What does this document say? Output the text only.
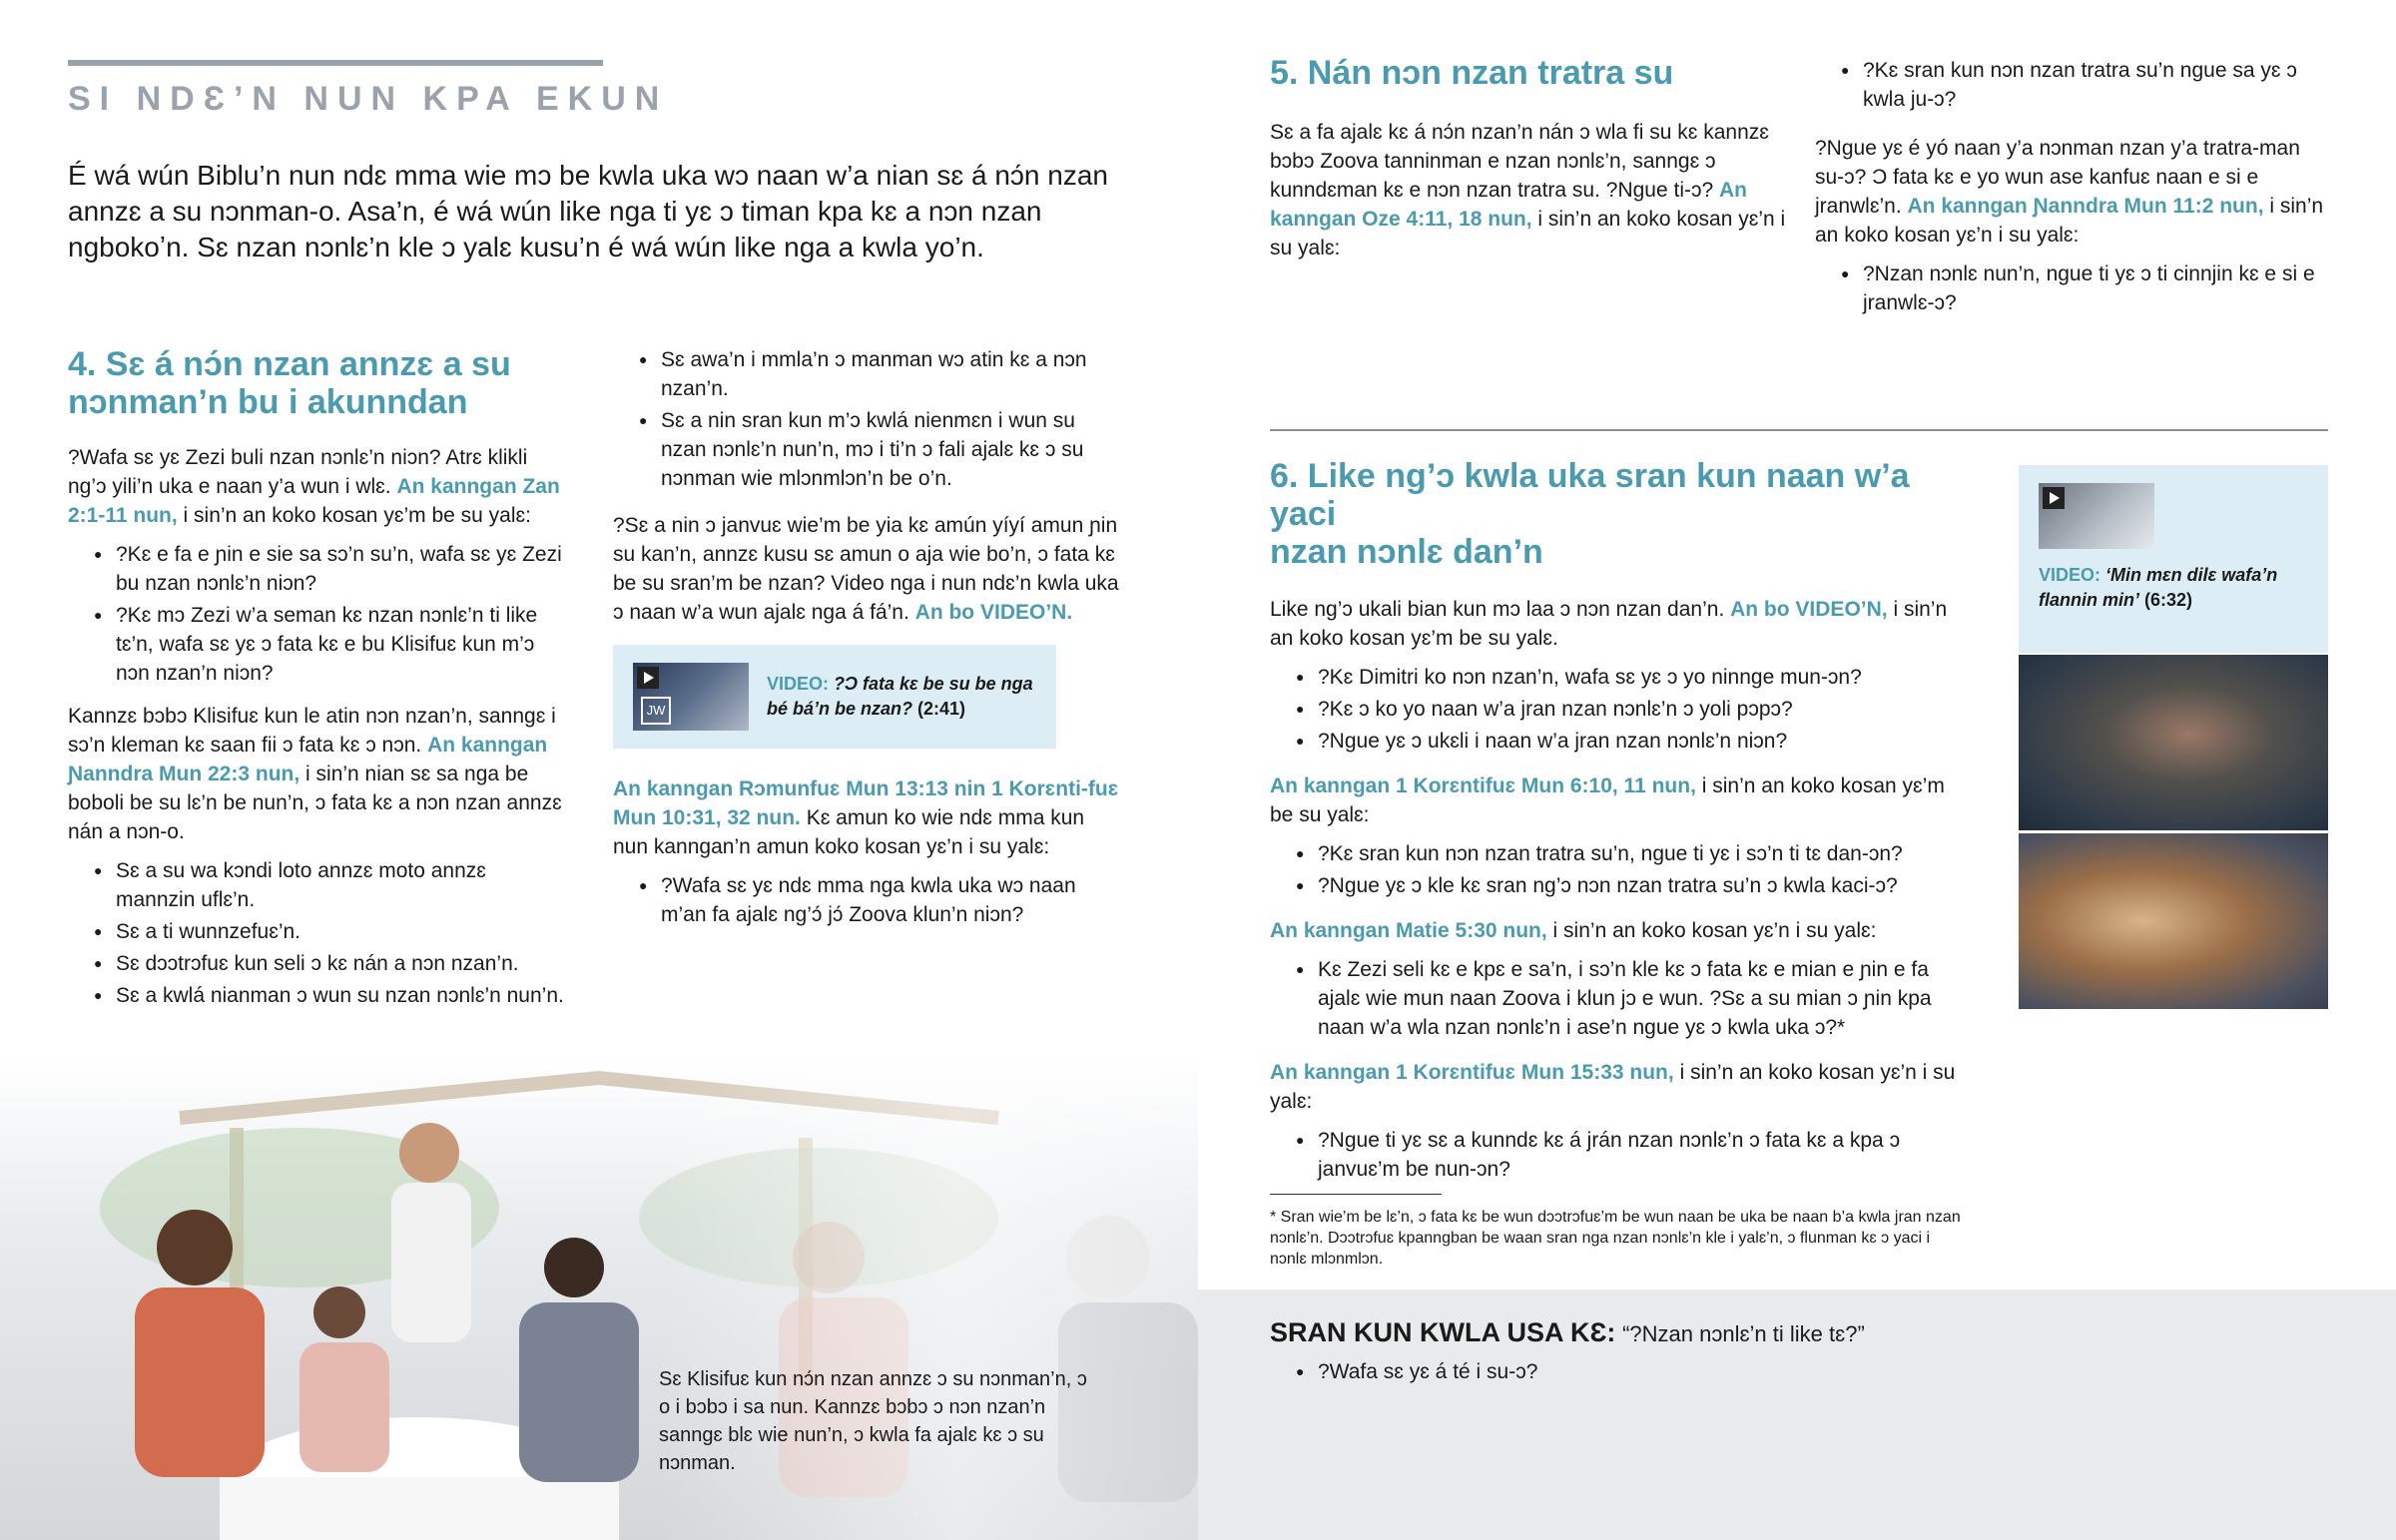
SI NDƐ’N NUN KPA EKUN
É wá wún Biblu’n nun ndɛ mma wie mɔ be kwla uka wɔ naan w’a nian sɛ á nɔ́n nzan annzɛ a su nɔnman-o. Asa’n, é wá wún like nga ti yɛ ɔ timan kpa kɛ a nɔn nzan ngbokoʼn. Sɛ nzan nɔnlɛ’n kle ɔ yalɛ kusu’n é wá wún like nga a kwla yo’n.
4. Sɛ á nɔ́n nzan annzɛ a su
nɔnman’n bu i akunndan

?Wafa sɛ yɛ Zezi buli nzan nɔnlɛ’n niɔn? Atrɛ klikli ng’ɔ yili’n uka e naan y’a wun i wlɛ. An kanngan Zan 2:1-11 nun, i sin’n an koko kosan yɛ’m be su yalɛ:

● ?Kɛ e fa e ɲin e sie sa sɔ’n su’n, wafa sɛ yɛ Zezi bu nzan nɔnlɛ’n niɔn?
● ?Kɛ mɔ Zezi w’a seman kɛ nzan nɔnlɛ’n ti like tɛ’n, wafa sɛ yɛ ɔ fata kɛ e bu Klisifuɛ kun m’ɔ nɔn nzan’n niɔn?

Kannzɛ bɔbɔ Klisifuɛ kun le atin nɔn nzan’n, sanngɛ i sɔ’n kleman kɛ saan fii ɔ fata kɛ ɔ nɔn. An kanngan Ɲanndra Mun 22:3 nun, i sin’n nian sɛ sa nga be boboli be su lɛ’n be nun’n, ɔ fata kɛ a nɔn nzan annzɛ nán a nɔn-o.

● Sɛ a su wa kɔndi loto annzɛ moto annzɛ mannzin uflɛ’n.
● Sɛ a ti wunnzefuɛ’n.
● Sɛ dɔɔtrɔfuɛ kun seli ɔ kɛ nán a nɔn nzan’n.
● Sɛ a kwlá nianman ɔ wun su nzan nɔnlɛ’n nun’n.
● Sɛ awa’n i mmla’n ɔ manman wɔ atin kɛ a nɔn nzan’n.
● Sɛ a nin sran kun m’ɔ kwlá nienmɛn i wun su nzan nɔnlɛ’n nun’n, mɔ i ti’n ɔ fali ajalɛ kɛ ɔ su nɔnman wie mlɔnmlɔn’n be o’n.

?Sɛ a nin ɔ janvuɛ wie’m be yia kɛ amún yíyí amun ɲin su kan’n, annzɛ kusu sɛ amun o aja wie bo’n, ɔ fata kɛ be su sran’m be nzan? Video nga i nun ndɛ’n kwla uka ɔ naan w’a wun ajalɛ nga á fá’n. An bo VIDEO’N.

JW
VIDEO: ?Ɔ fata kɛ be su be nga bé bá’n be nzan? (2:41)

An kanngan Rɔmunfuɛ Mun 13:13 nin 1 Korɛnti-fuɛ Mun 10:31, 32 nun. Kɛ amun ko wie ndɛ mma kun nun kanngan’n amun koko kosan yɛ’n i su yalɛ:

● ?Wafa sɛ yɛ ndɛ mma nga kwla uka wɔ naan m’an fa ajalɛ ng’ɔ́ jɔ́ Zoova klun’n niɔn?
Sɛ Klisifuɛ kun nɔ́n nzan annzɛ ɔ su nɔnman’n, ɔ o i bɔbɔ i sa nun. Kannzɛ bɔbɔ ɔ nɔn nzan’n sanngɛ blɛ wie nun’n, ɔ kwla fa ajalɛ kɛ ɔ su nɔnman.
5. Nán nɔn nzan tratra su

Sɛ a fa ajalɛ kɛ á nɔ́n nzan’n nán ɔ wla fi su kɛ kannzɛ bɔbɔ Zoova tanninman e nzan nɔnlɛ’n, sanngɛ ɔ kunndɛman kɛ e nɔn nzan tratra su. ?Ngue ti-ɔ? An kanngan Oze 4:11, 18 nun, i sin’n an koko kosan yɛ’n i su yalɛ:

● ?Kɛ sran kun nɔn nzan tratra su’n ngue sa yɛ ɔ kwla ju-ɔ?

?Ngue yɛ é yó naan y’a nɔnman nzan y’a tratra-man su-ɔ? Ɔ fata kɛ e yo wun ase kanfuɛ naan e si e jranwlɛ’n. An kanngan Ɲanndra Mun 11:2 nun, i sin’n an koko kosan yɛ’n i su yalɛ:

● ?Nzan nɔnlɛ nun’n, ngue ti yɛ ɔ ti cinnjin kɛ e si e jranwlɛ-ɔ?
6. Like ng’ɔ kwla uka sran kun naan w’a yaci
nzan nɔnlɛ dan’n

Like ng’ɔ ukali bian kun mɔ laa ɔ nɔn nzan dan’n. An bo VIDEO’N, i sin’n an koko kosan yɛ’m be su yalɛ.

● ?Kɛ Dimitri ko nɔn nzan’n, wafa sɛ yɛ ɔ yo ninnge mun-ɔn?
● ?Kɛ ɔ ko yo naan w’a jran nzan nɔnlɛ’n ɔ yoli pɔpɔ?
● ?Ngue yɛ ɔ ukɛli i naan w’a jran nzan nɔnlɛ’n niɔn?

An kanngan 1 Korɛntifuɛ Mun 6:10, 11 nun, i sin’n an koko kosan yɛ’m be su yalɛ:

● ?Kɛ sran kun nɔn nzan tratra su’n, ngue ti yɛ i sɔ’n ti tɛ dan-ɔn?
● ?Ngue yɛ ɔ kle kɛ sran ng’ɔ nɔn nzan tratra su’n ɔ kwla kaci-ɔ?

An kanngan Matie 5:30 nun, i sin’n an koko kosan yɛ’n i su yalɛ:

● Kɛ Zezi seli kɛ e kpɛ e sa’n, i sɔ’n kle kɛ ɔ fata kɛ e mian e ɲin e fa ajalɛ wie mun naan Zoova i klun jɔ e wun. ?Sɛ a su mian ɔ ɲin kpa naan w’a wla nzan nɔnlɛ’n i ase’n ngue yɛ ɔ kwla uka ɔ?*

An kanngan 1 Korɛntifuɛ Mun 15:33 nun, i sin’n an koko kosan yɛ’n i su yalɛ:

● ?Ngue ti yɛ sɛ a kunndɛ kɛ á jrán nzan nɔnlɛ’n ɔ fata kɛ a kpa ɔ janvuɛ’m be nun-ɔn?
* Sran wie’m be lɛ’n, ɔ fata kɛ be wun dɔɔtrɔfuɛ’m be wun naan be uka be naan b’a kwla jran nzan nɔnlɛ’n. Dɔɔtrɔfuɛ kpanngban be waan sran nga nzan nɔnlɛ’n kle i yalɛ’n, ɔ flunman kɛ ɔ yaci i nɔnlɛ mlɔnmlɔn.
VIDEO: ‘Min mɛn dilɛ wafa’n flannin min’ (6:32)
SRAN KUN KWLA USA KƐ: “?Nzan nɔnlɛ’n ti like tɛ?”
● ?Wafa sɛ yɛ á té i su-ɔ?
